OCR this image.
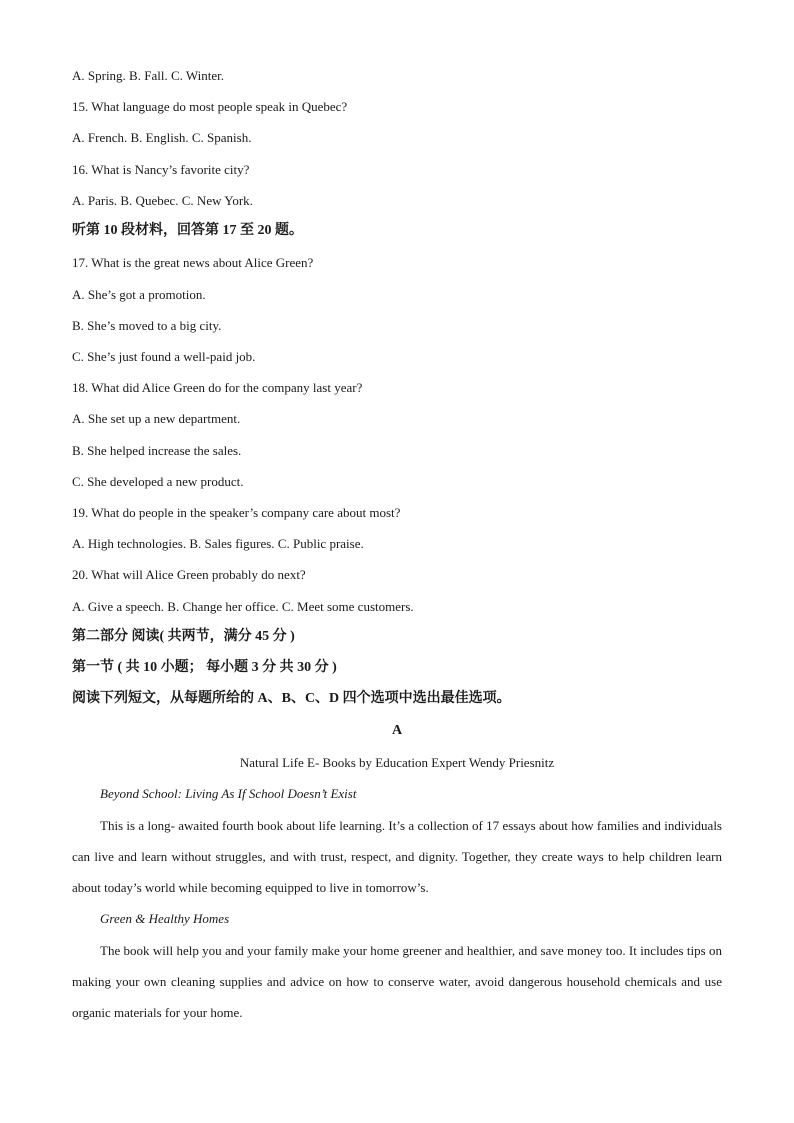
A. Spring. B. Fall. C. Winter.
15. What language do most people speak in Quebec?
A. French. B. English. C. Spanish.
16. What is Nancy’s favorite city?
A. Paris. B. Quebec. C. New York.
听第 10 段材料，回答第 17 至 20 题。
17. What is the great news about Alice Green?
A. She’s got a promotion.
B. She’s moved to a big city.
C. She’s just found a well-paid job.
18. What did Alice Green do for the company last year?
A. She set up a new department.
B. She helped increase the sales.
C. She developed a new product.
19. What do people in the speaker’s company care about most?
A. High technologies. B. Sales figures. C. Public praise.
20. What will Alice Green probably do next?
A. Give a speech. B. Change her office. C. Meet some customers.
第二部分 阅读( 共两节，满分 45 分 )
第一节 ( 共 10 小题； 每小题 3 分 共 30 分 )
阅读下列短文，从每题所给的 A、B、C、D 四个选项中选出最佳选项。
A
Natural Life E- Books by Education Expert Wendy Priesnitz
Beyond School: Living As If School Doesn’t Exist
This is a long- awaited fourth book about life learning. It’s a collection of 17 essays about how families and individuals can live and learn without struggles, and with trust, respect, and dignity. Together, they create ways to help children learn about today’s world while becoming equipped to live in tomorrow’s.
Green & Healthy Homes
The book will help you and your family make your home greener and healthier, and save money too. It includes tips on making your own cleaning supplies and advice on how to conserve water, avoid dangerous household chemicals and use organic materials for your home.
